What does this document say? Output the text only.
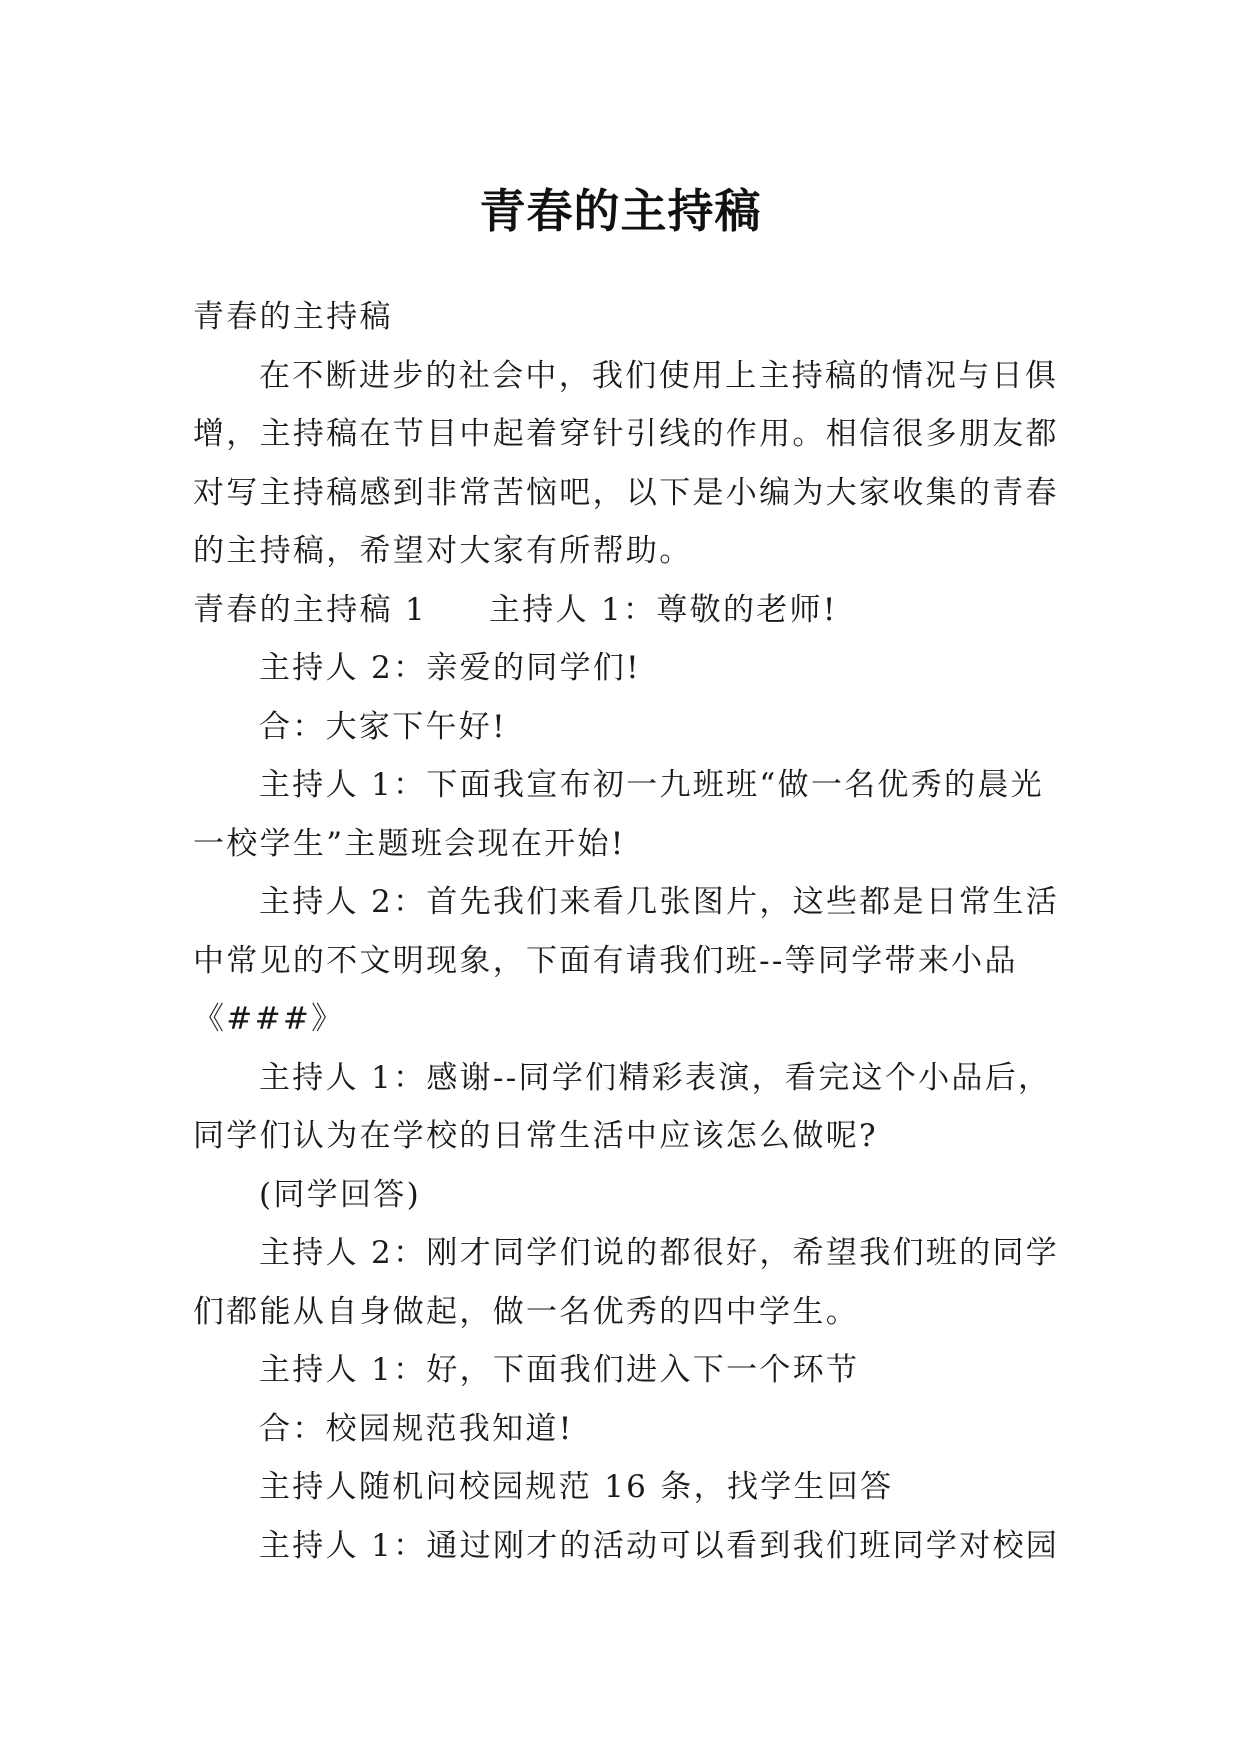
青春的主持稿

青春的主持稿

在不断进步的社会中，我们使用上主持稿的情况与日俱

增，主持稿在节目中起着穿针引线的作用。相信很多朋友都

对写主持稿感到非常苦恼吧，以下是小编为大家收集的青春

的主持稿，希望对大家有所帮助。

青春的主持稿 1 主持人 1：尊敬的老师!

主持人 2：亲爱的同学们!

合：大家下午好!

主持人 1：下面我宣布初一九班班“做一名优秀的晨光

一校学生”主题班会现在开始!

主持人 2：首先我们来看几张图片，这些都是日常生活

中常见的不文明现象，下面有请我们班--等同学带来小品

《###》

主持人 1：感谢--同学们精彩表演，看完这个小品后，

同学们认为在学校的日常生活中应该怎么做呢?

(同学回答)

主持人 2：刚才同学们说的都很好，希望我们班的同学

们都能从自身做起，做一名优秀的四中学生。

主持人 1：好，下面我们进入下一个环节

合：校园规范我知道!

主持人随机问校园规范 16 条，找学生回答

主持人 1：通过刚才的活动可以看到我们班同学对校园
